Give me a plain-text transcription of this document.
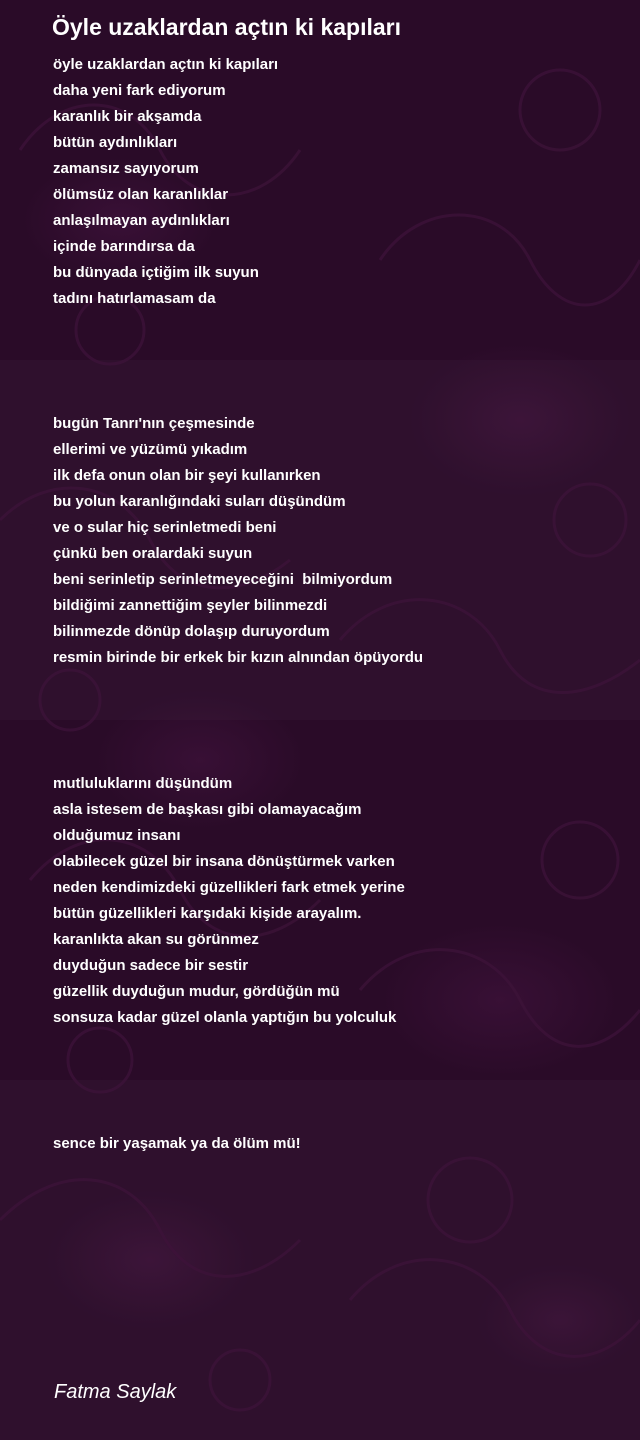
Öyle uzaklardan açtın ki kapıları
öyle uzaklardan açtın ki kapıları
daha yeni fark ediyorum
karanlık bir akşamda
bütün aydınlıkları
zamansız sayıyorum
ölümsüz olan karanlıklar
anlaşılmayan aydınlıkları
içinde barındırsa da
bu dünyada içtiğim ilk suyun
tadını hatırlamasam da
bugün Tanrı'nın çeşmesinde
ellerimi ve yüzümü yıkadım
ilk defa onun olan bir şeyi kullanırken
bu yolun karanlığındaki suları düşündüm
ve o sular hiç serinletmedi beni
çünkü ben oralardaki suyun
beni serinletip serinletmeyeceğini  bilmiyordum
bildiğimi zannettiğim şeyler bilinmezdi
bilinmezde dönüp dolaşıp duruyordum
resmin birinde bir erkek bir kızın alnından öpüyordu
mutluluklarını düşündüm
asla istesem de başkası gibi olamayacağım
olduğumuz insanı
olabilecek güzel bir insana dönüştürmek varken
neden kendimizdeki güzellikleri fark etmek yerine
bütün güzellikleri karşıdaki kişide arayalım.
karanlıkta akan su görünmez
duyduğun sadece bir sestir
güzellik duyduğun mudur, gördüğün mü
sonsuza kadar güzel olanla yaptığın bu yolculuk
sence bir yaşamak ya da ölüm mü!
Fatma Saylak
